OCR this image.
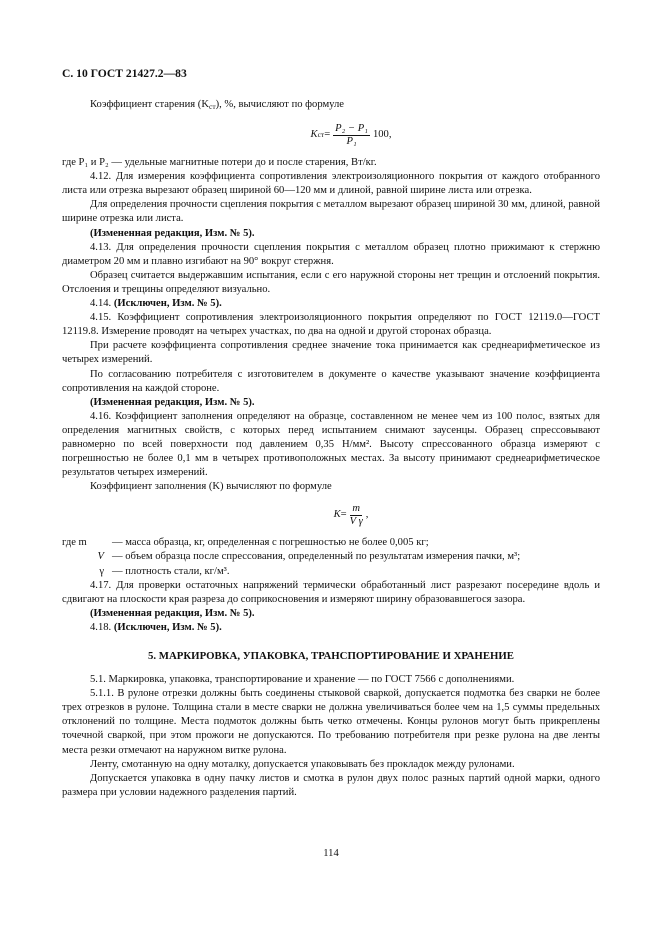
С. 10 ГОСТ 21427.2—83

Коэффициент старения $(K_{ст})$, %, вычисляют по формуле

K ст = $\frac{\text{P₂ − P₁}}{\text{P₁}} 100$,

где P₁ и P₂ — удельные магнитные потери до и после старения, Вт/кг.

4.12. Для измерения коэффициента сопротивления электроизоляционного покрытия от каждого отобранного листа или отрезка вырезают образец шириной 60—120 мм и длиной, равной ширине листа или отрезка.

Для определения прочности сцепления покрытия с металлом вырезают образец шириной 30 мм, длиной, равной ширине отрезка или листа.

(Измененная редакция, Изм. № 5).

4.13. Для определения прочности сцепления покрытия с металлом образец плотно прижимают к стержню диаметром 20 мм и плавно изгибают на 90° вокруг стержня.

Образец считается выдержавшим испытания, если с его наружной стороны нет трещин и отслоений покрытия. Отслоения и трещины определяют визуально.

4.14. (Исключен, Изм. № 5).

4.15. Коэффициент сопротивления электроизоляционного покрытия определяют по ГОСТ 12119.0—ГОСТ 12119.8. Измерение проводят на четырех участках, по два на одной и другой сторонах образца.

При расчете коэффициента сопротивления среднее значение тока принимается как среднеарифметическое из четырех измерений.

По согласованию потребителя с изготовителем в документе о качестве указывают значение коэффициента сопротивления на каждой стороне.

(Измененная редакция, Изм. № 5).

4.16. Коэффициент заполнения определяют на образце, составленном не менее чем из 100 полос, взятых для определения магнитных свойств, с которых перед испытанием снимают заусенцы. Образец спрессовывают равномерно по всей поверхности под давлением 0,35 Н/мм². Высоту спрессованного образца измеряют с погрешностью не более 0,1 мм в четырех противоположных местах. За высоту принимают среднеарифметическое результатов четырех измерений.

Коэффициент заполнения (K) вычисляют по формуле

$K = \frac{m}{\text{V γ}}$ ,
где m	— масса образца, кг, определенная с погрешностью не более 0,005 кг;
V — объем образца после спрессования, определенный по результатам измерения пачки, м³;
γ — плотность стали, кг/м³.

4.17. Для проверки остаточных напряжений термически обработанный лист разрезают посередине вдоль и сдвигают на плоскости края разреза до соприкосновения и измеряют ширину образовавшегося зазора.

(Измененная редакция, Изм. № 5).

4.18. (Исключен, Изм. № 5).

5. МАРКИРОВКА, УПАКОВКА, ТРАНСПОРТИРОВАНИЕ И ХРАНЕНИЕ

5.1. Маркировка, упаковка, транспортирование и хранение — по ГОСТ 7566 с дополнениями.

5.1.1. В рулоне отрезки должны быть соединены стыковой сваркой, допускается подмотка без сварки не более трех отрезков в рулоне. Толщина стали в месте сварки не должна увеличиваться более чем на 1,5 суммы предельных отклонений по толщине. Места подмоток должны быть четко отмечены. Концы рулонов могут быть прикреплены точечной сваркой, при этом прожоги не допускаются. По требованию потребителя при резке рулона на две ленты места резки отмечают на наружном витке рулона.

Ленту, смотанную на одну моталку, допускается упаковывать без прокладок между рулонами.

Допускается упаковка в одну пачку листов и смотка в рулон двух полос разных партий одной марки, одного размера при условии надежного разделения партий.

114
